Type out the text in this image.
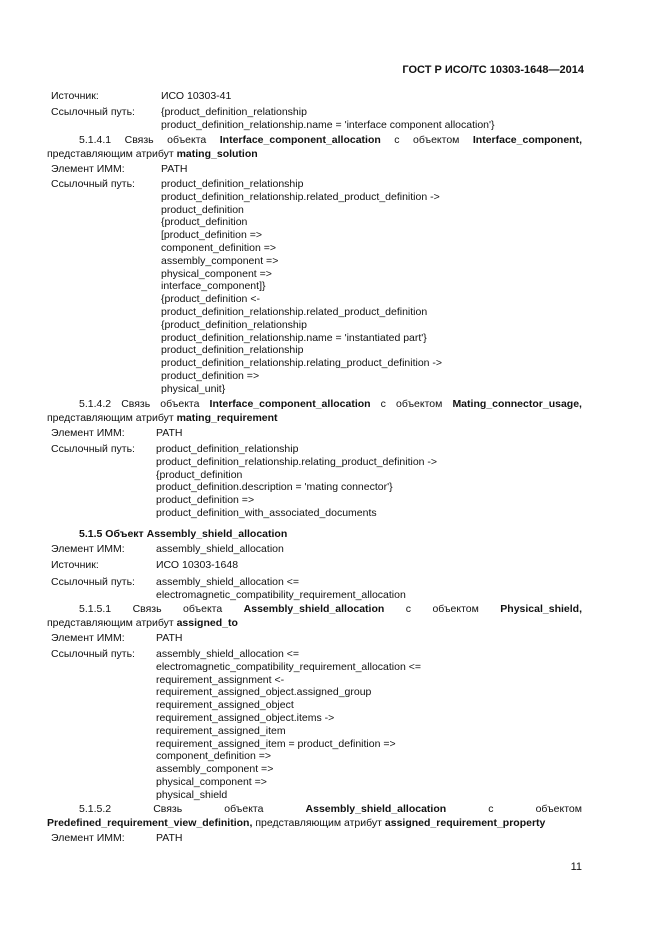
ГОСТ Р ИСО/ТС 10303-1648—2014
Источник:	ИСО 10303-41
Ссылочный путь: {product_definition_relationship
product_definition_relationship.name = 'interface component allocation'}
5.1.4.1 Связь объекта Interface_component_allocation с объектом Interface_component,
представляющим атрибут mating_solution
Элемент ИММ:	PATH
Ссылочный путь: product_definition_relationship
product_definition_relationship.related_product_definition ->
product_definition
{product_definition
[product_definition =>
component_definition =>
assembly_component =>
physical_component =>
interface_component]}
{product_definition <-
product_definition_relationship.related_product_definition
{product_definition_relationship
product_definition_relationship.name = 'instantiated part'}
product_definition_relationship
product_definition_relationship.relating_product_definition ->
product_definition =>
physical_unit}
5.1.4.2 Связь объекта Interface_component_allocation с объектом Mating_connector_usage,
представляющим атрибут mating_requirement
Элемент ИММ:	PATH
Ссылочный путь: product_definition_relationship
product_definition_relationship.relating_product_definition ->
{product_definition
product_definition.description = 'mating connector'}
product_definition =>
product_definition_with_associated_documents
5.1.5 Объект Assembly_shield_allocation
Элемент ИММ:	assembly_shield_allocation
Источник:	ИСО 10303-1648
Ссылочный путь: assembly_shield_allocation <=
electromagnetic_compatibility_requirement_allocation
5.1.5.1 Связь объекта Assembly_shield_allocation с объектом Physical_shield,
представляющим атрибут assigned_to
Элемент ИММ:	PATH
Ссылочный путь: assembly_shield_allocation <=
electromagnetic_compatibility_requirement_allocation <=
requirement_assignment <-
requirement_assigned_object.assigned_group
requirement_assigned_object
requirement_assigned_object.items ->
requirement_assigned_item
requirement_assigned_item = product_definition =>
component_definition =>
assembly_component =>
physical_component =>
physical_shield
5.1.5.2	Связь	объекта	Assembly_shield_allocation	с	объектом
Predefined_requirement_view_definition, представляющим атрибут assigned_requirement_property
Элемент ИММ:	PATH
11
